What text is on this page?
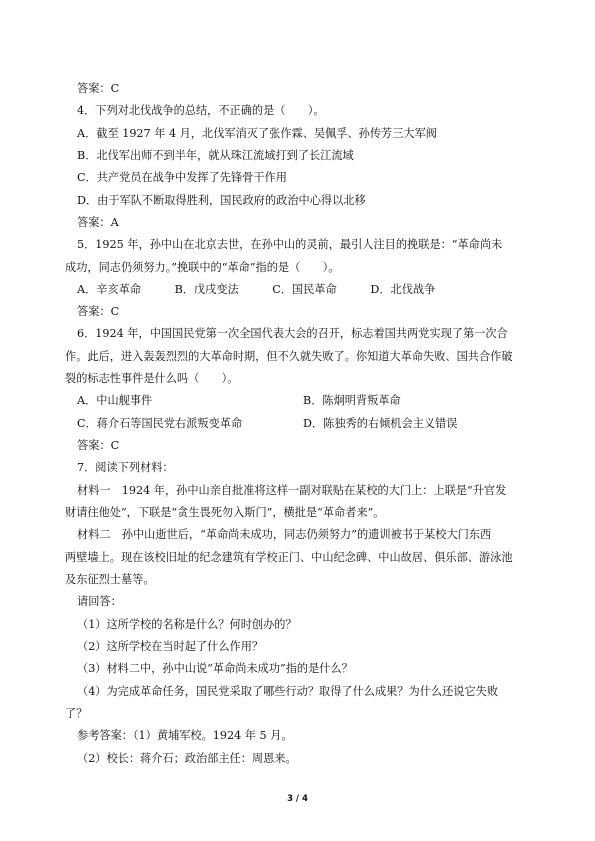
答案：C
4．下列对北伐战争的总结，不正确的是（　　）。
A．截至 1927 年 4 月，北伐军消灭了张作霖、吴佩孚、孙传芳三大军阀
B．北伐军出师不到半年，就从珠江流域打到了长江流域
C．共产党员在战争中发挥了先锋骨干作用
D．由于军队不断取得胜利，国民政府的政治中心得以北移
答案：A
5．1925 年，孙中山在北京去世，在孙中山的灵前，最引人注目的挽联是：“革命尚未
成功，同志仍须努力。”挽联中的“革命”指的是（　　）。
A．辛亥革命　　　B．戊戌变法　　　C．国民革命　　　D．北伐战争
答案：C
6．1924 年，中国国民党第一次全国代表大会的召开，标志着国共两党实现了第一次合
作。此后，进入轰轰烈烈的大革命时期，但不久就失败了。你知道大革命失败、国共合作破
裂的标志性事件是什么吗（　　）。
A．中山舰事件	B．陈炯明背叛革命
C．蒋介石等国民党右派叛变革命	D．陈独秀的右倾机会主义错误
答案：C
7．阅读下列材料：
材料一　1924 年，孙中山亲自批准将这样一副对联贴在某校的大门上：上联是“升官发
财请往他处”，下联是“贪生畏死勿入斯门”，横批是“革命者来”。
材料二　孙中山逝世后，“革命尚未成功，同志仍须努力”的遗训被书于某校大门东西
两壁墙上。现在该校旧址的纪念建筑有学校正门、中山纪念碑、中山故居、俱乐部、游泳池
及东征烈士墓等。
请回答：
（1）这所学校的名称是什么？何时创办的？
（2）这所学校在当时起了什么作用？
（3）材料二中，孙中山说“革命尚未成功”指的是什么？
（4）为完成革命任务，国民党采取了哪些行动？取得了什么成果？为什么还说它失败
了？
参考答案：（1）黄埔军校。1924 年 5 月。
（2）校长：蒋介石；政治部主任：周恩来。
3 / 4
